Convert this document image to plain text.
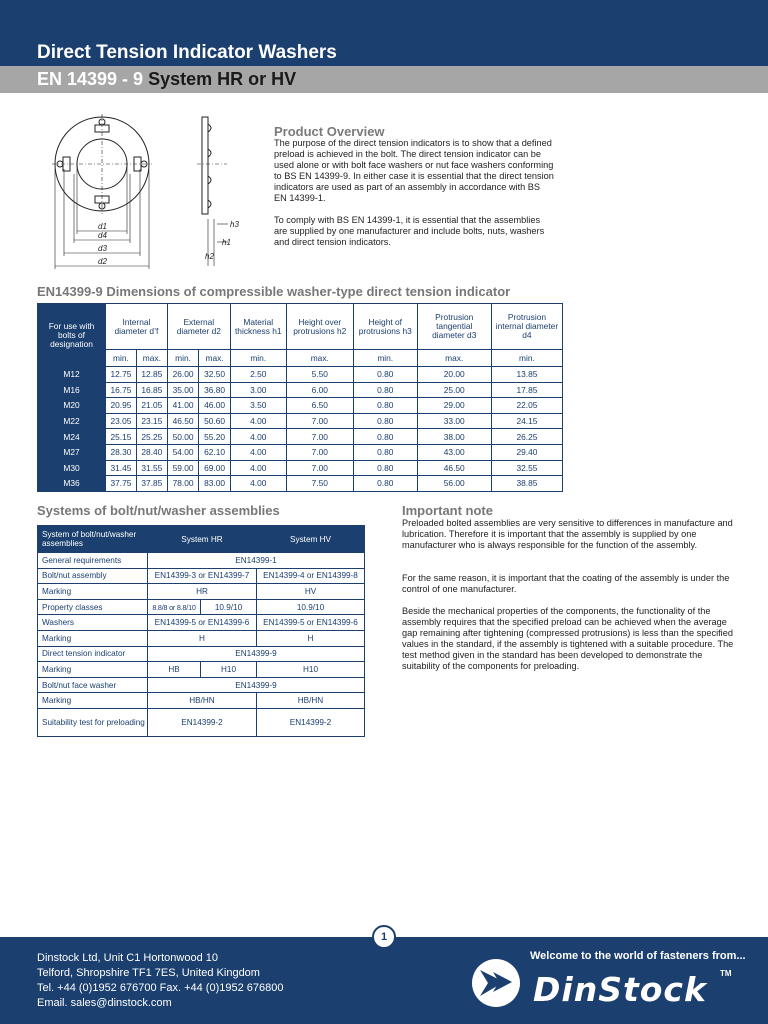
Direct Tension Indicator Washers
EN 14399 - 9 System HR or HV
d1
d4
d3
d2
h3
h1
h2
Product Overview
The purpose of the direct tension indicators is to show that a defined preload is achieved in the bolt. The direct tension indicator can be used alone or with bolt face washers or nut face washers conforming to BS EN 14399-9. In either case it is essential that the direct tension indicators are used as part of an assembly in accordance with BS EN 14399-1.
To comply with BS EN 14399-1, it is essential that the assemblies are supplied by one manufacturer and include bolts, nuts, washers and direct tension indicators.
EN14399-9 Dimensions of compressible washer-type direct tension indicator
For use with bolts of designation	Internal diameter d’f		External diameter d2		Material thickness h1	Height over protrusions h2	Height of protrusions h3	Protrusion tangential diameter d3	Protrusion internal diameter d4
	min.	max.	min.	max.	min.	max.	min.	max.	min.
M12	12.75	12.85	26.00	32.50	2.50	5.50	0.80	20.00	13.85
M16	16.75	16.85	35.00	36.80	3.00	6.00	0.80	25.00	17.85
M20	20.95	21.05	41.00	46.00	3.50	6.50	0.80	29.00	22.05
M22	23.05	23.15	46.50	50.60	4.00	7.00	0.80	33.00	24.15
M24	25.15	25.25	50.00	55.20	4.00	7.00	0.80	38.00	26.25
M27	28.30	28.40	54.00	62.10	4.00	7.00	0.80	43.00	29.40
M30	31.45	31.55	59.00	69.00	4.00	7.00	0.80	46.50	32.55
M36	37.75	37.85	78.00	83.00	4.00	7.50	0.80	56.00	38.85
Systems of bolt/nut/washer assemblies
System of bolt/nut/washer assemblies	System HR		System HV
General requirements	EN14399-1		
Bolt/nut assembly	EN14399-3 or EN14399-7		EN14399-4 or EN14399-8
Marking	HR		HV
Property classes	8.8/8 or 8.8/10	10.9/10	10.9/10
Washers	EN14399-5 or EN14399-6		EN14399-5 or EN14399-6
Marking	H		H
Direct tension indicator	EN14399-9		
Marking	HB	H10	H10
Bolt/nut face washer	EN14399-9		
Marking	HB/HN		HB/HN
Suitability test for preloading	EN14399-2		EN14399-2
Important note
Preloaded bolted assemblies are very sensitive to differences in manufacture and lubrication. Therefore it is important that the assembly is supplied by one manufacturer who is always responsible for the function of the assembly.
For the same reason, it is important that the coating of the assembly is under the control of one manufacturer.
Beside the mechanical properties of the components, the functionality of the assembly requires that the specified preload can be achieved when the average gap remaining after tightening (compressed protrusions) is less than the specified values in the standard, if the assembly is tightened with a suitable procedure. The test method given in the standard has been developed to demonstrate the suitability of the components for preloading.
1
Dinstock Ltd, Unit C1 Hortonwood 10
Telford, Shropshire TF1 7ES, United Kingdom
Tel. +44 (0)1952 676700 Fax. +44 (0)1952 676800
Email. sales@dinstock.com
Welcome to the world of fasteners from...
DinStock TM
